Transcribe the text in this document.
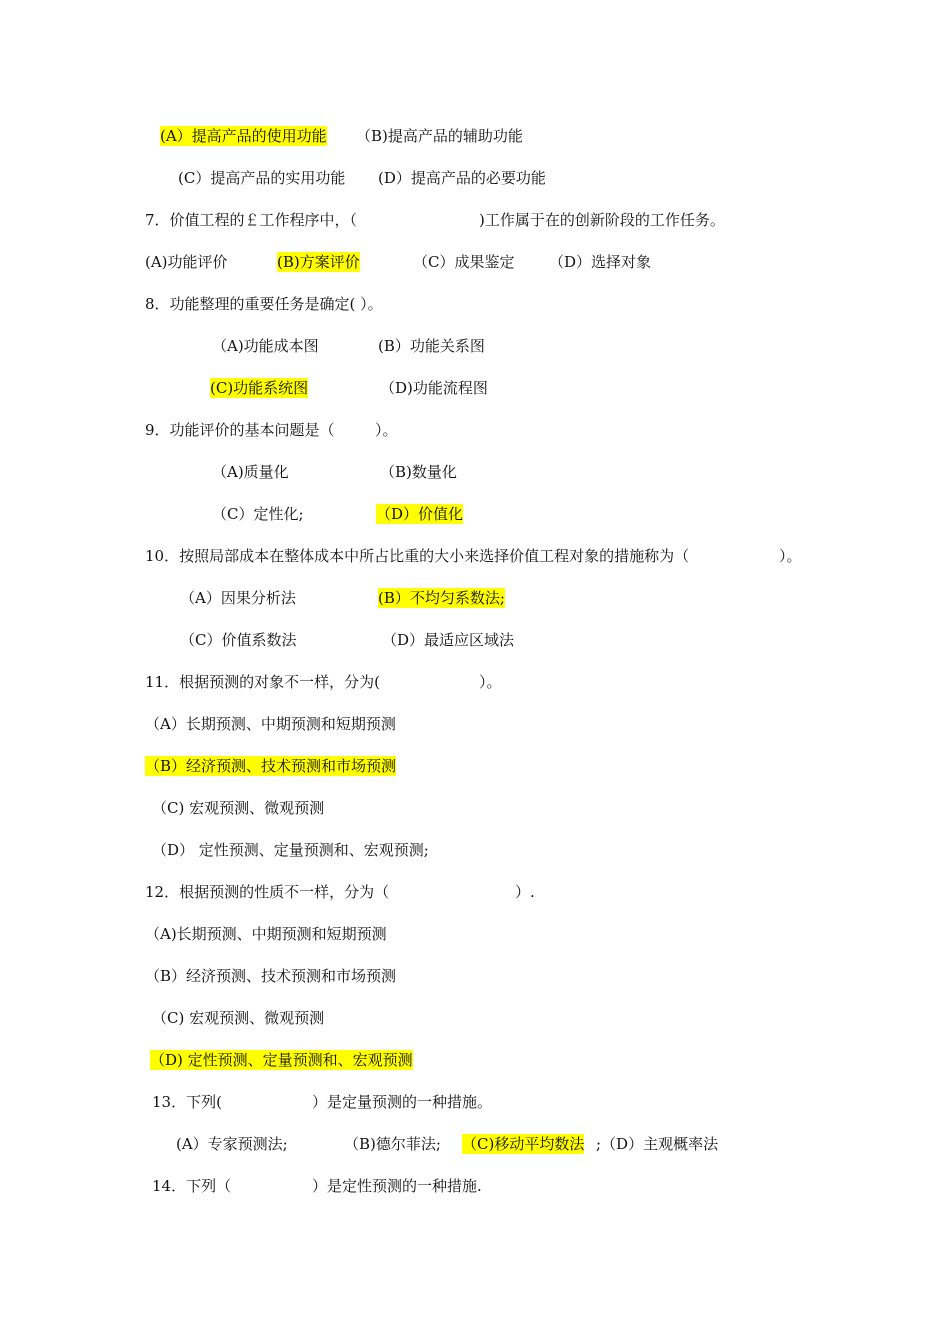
(A）提高产品的使用功能 （B)提高产品的辅助功能
(C）提高产品的实用功能 (D）提高产品的必要功能
7．价值工程的￡工作程序中，（	)工作属于在的创新阶段的工作任务。
(A)功能评价	(B)方案评价	（C）成果鉴定 （D）选择对象
8．功能整理的重要任务是确定( ）。
（A)功能成本图	(B）功能关系图
(C)功能系统图	（D)功能流程图
9．功能评价的基本问题是（	）。
（A)质量化	（B)数量化
（C）定性化;	（D）价值化
10．按照局部成本在整体成本中所占比重的大小来选择价值工程对象的措施称为（	）。
（A）因果分析法	(B）不均匀系数法;
（C）价值系数法	（D）最适应区域法
11．根据预测的对象不一样，分为(	）。
（A）长期预测、中期预测和短期预测
（B）经济预测、技术预测和市场预测
（C) 宏观预测、微观预测
（D） 定性预测、定量预测和、宏观预测;
12．根据预测的性质不一样，分为（	）.
（A)长期预测、中期预测和短期预测
（B）经济预测、技术预测和市场预测
（C) 宏观预测、微观预测
（D) 定性预测、定量预测和、宏观预测
13．下列(	）是定量预测的一种措施。
(A）专家预测法;	（B)德尔菲法; （C)移动平均数法 ;（D）主观概率法
14．下列（	）是定性预测的一种措施.
